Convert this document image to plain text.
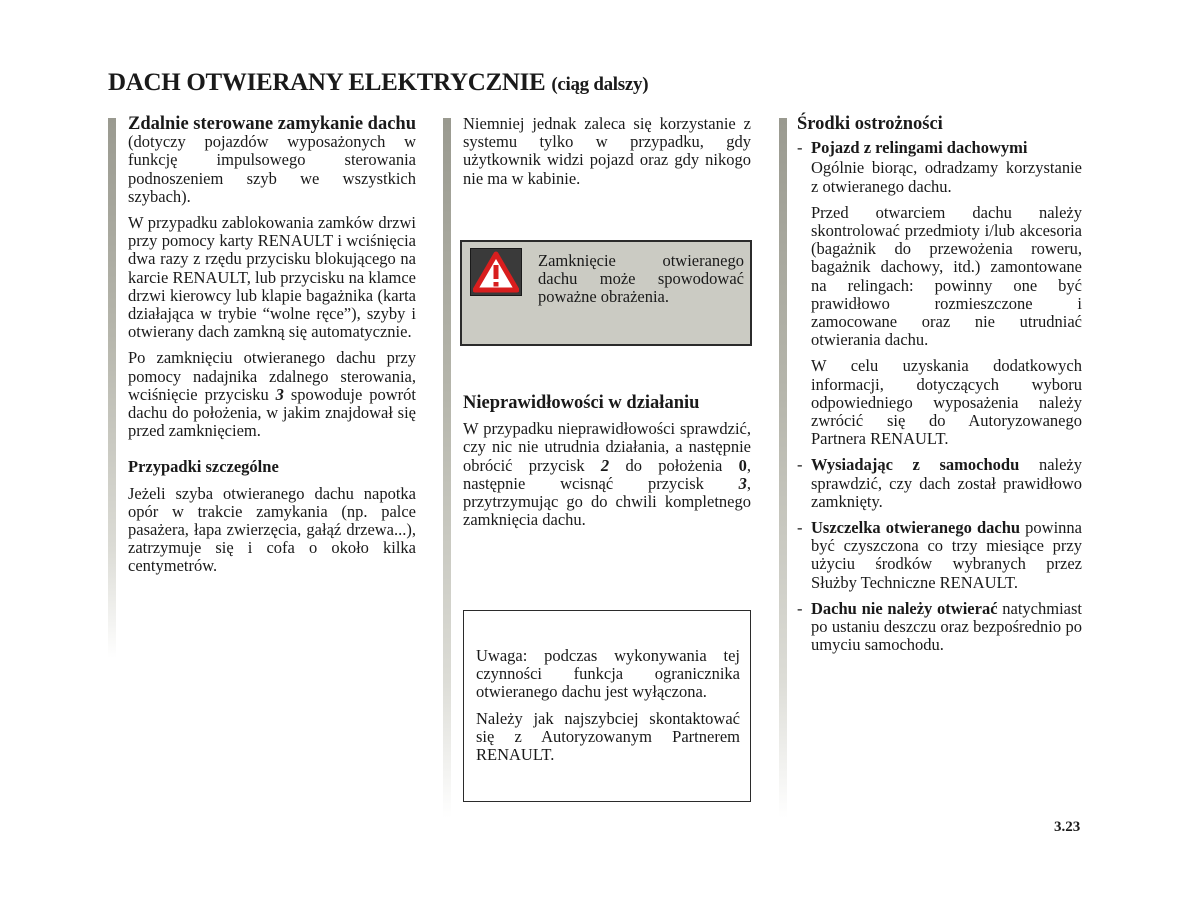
DACH OTWIERANY ELEKTRYCZNIE (ciąg dalszy)

Zdalnie sterowane zamykanie dachu (dotyczy pojazdów wyposażonych w funkcję impulsowego sterowania podnoszeniem szyb we wszystkich szybach).

W przypadku zablokowania zamków drzwi przy pomocy karty RENAULT i wciśnięcia dwa razy z rzędu przycisku blokującego na karcie RENAULT, lub przycisku na klamce drzwi kierowcy lub klapie bagażnika (karta działająca w trybie “wolne ręce”), szyby i otwierany dach zamkną się automatycznie.

Po zamknięciu otwieranego dachu przy pomocy nadajnika zdalnego sterowania, wciśnięcie przycisku 3 spowoduje powrót dachu do położenia, w jakim znajdował się przed zamknięciem.

Przypadki szczególne

Jeżeli szyba otwieranego dachu napotka opór w trakcie zamykania (np. palce pasażera, łapa zwierzęcia, gałąź drzewa...), zatrzymuje się i cofa o około kilka centymetrów.

Niemniej jednak zaleca się korzystanie z systemu tylko w przypadku, gdy użytkownik widzi pojazd oraz gdy nikogo nie ma w kabinie.

Zamknięcie otwieranego dachu może spowodować poważne obrażenia.

Nieprawidłowości w działaniu

W przypadku nieprawidłowości sprawdzić, czy nic nie utrudnia działania, a następnie obrócić przycisk 2 do położenia 0, następnie wcisnąć przycisk 3, przytrzymując go do chwili kompletnego zamknięcia dachu.

Uwaga: podczas wykonywania tej czynności funkcja ogranicznika otwieranego dachu jest wyłączona.

Należy jak najszybciej skontaktować się z Autoryzowanym Partnerem RENAULT.

Środki ostrożności

- Pojazd z relingami dachowymi

Ogólnie biorąc, odradzamy korzystanie z otwieranego dachu.

Przed otwarciem dachu należy skontrolować przedmioty i/lub akcesoria (bagażnik do przewożenia roweru, bagażnik dachowy, itd.) zamontowane na relingach: powinny one być prawidłowo rozmieszczone i zamocowane oraz nie utrudniać otwierania dachu.

W celu uzyskania dodatkowych informacji, dotyczących wyboru odpowiedniego wyposażenia należy zwrócić się do Autoryzowanego Partnera RENAULT.

- Wysiadając z samochodu należy sprawdzić, czy dach został prawidłowo zamknięty.
- Uszczelka otwieranego dachu powinna być czyszczona co trzy miesiące przy użyciu środków wybranych przez Służby Techniczne RENAULT.
- Dachu nie należy otwierać natychmiast po ustaniu deszczu oraz bezpośrednio po umyciu samochodu.
3.23
